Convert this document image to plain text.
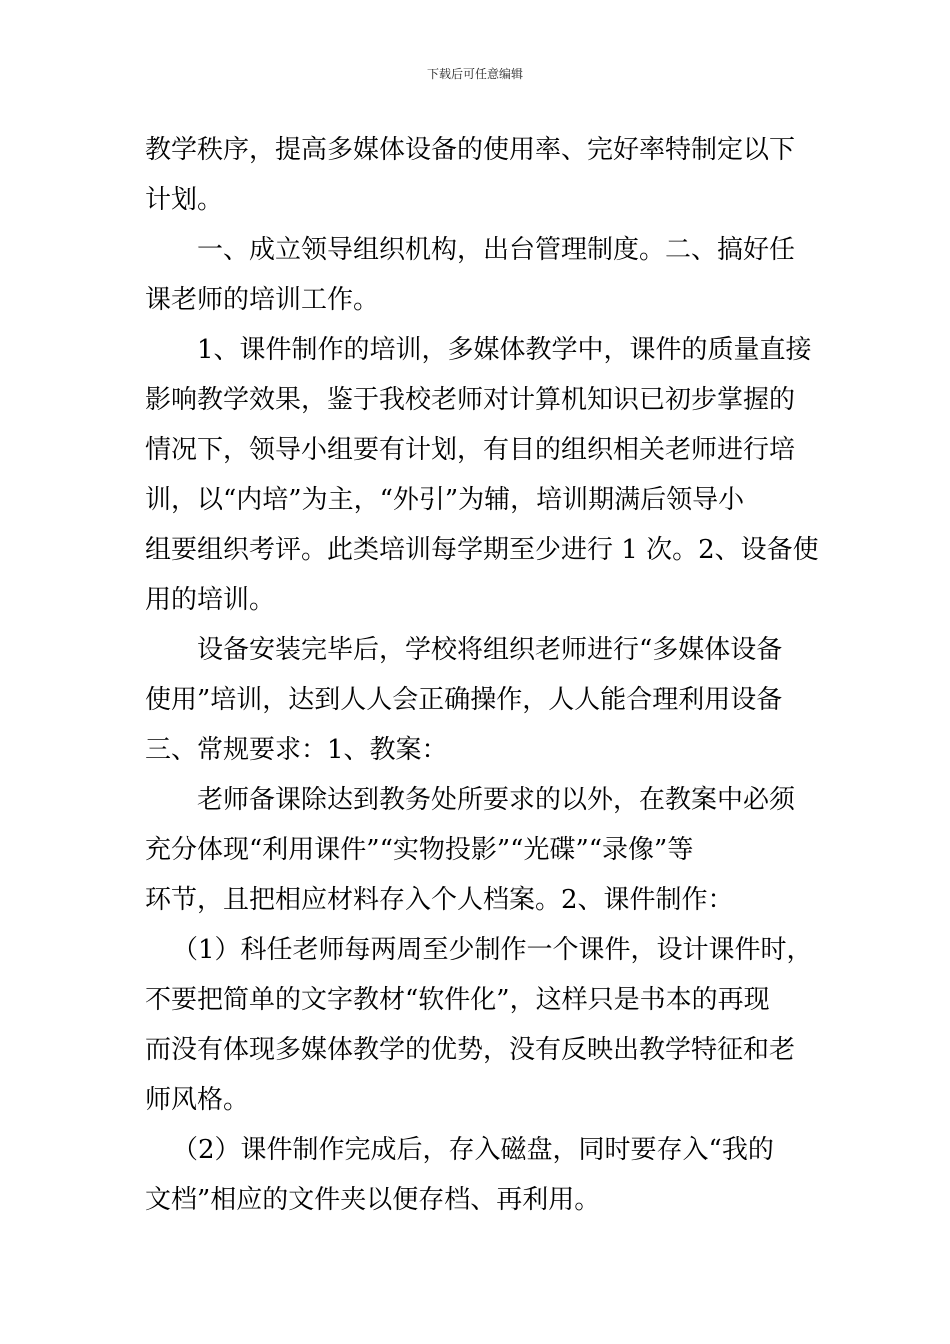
下载后可任意编辑
教学秩序，提高多媒体设备的使用率、完好率特制定以下
计划。
一、成立领导组织机构，出台管理制度。二、搞好任
课老师的培训工作。
1、课件制作的培训，多媒体教学中，课件的质量直接
影响教学效果，鉴于我校老师对计算机知识已初步掌握的
情况下，领导小组要有计划，有目的组织相关老师进行培
训，以“内培”为主，“外引”为辅，培训期满后领导小
组要组织考评。此类培训每学期至少进行 1 次。2、设备使
用的培训。
设备安装完毕后，学校将组织老师进行“多媒体设备
使用”培训，达到人人会正确操作，人人能合理利用设备
三、常规要求：1、教案：
老师备课除达到教务处所要求的以外，在教案中必须
充分体现“利用课件”“实物投影”“光碟”“录像”等
环节，且把相应材料存入个人档案。2、课件制作：
（1）科任老师每两周至少制作一个课件，设计课件时，
不要把简单的文字教材“软件化”，这样只是书本的再现
而没有体现多媒体教学的优势，没有反映出教学特征和老
师风格。
（2）课件制作完成后，存入磁盘，同时要存入“我的
文档”相应的文件夹以便存档、再利用。
